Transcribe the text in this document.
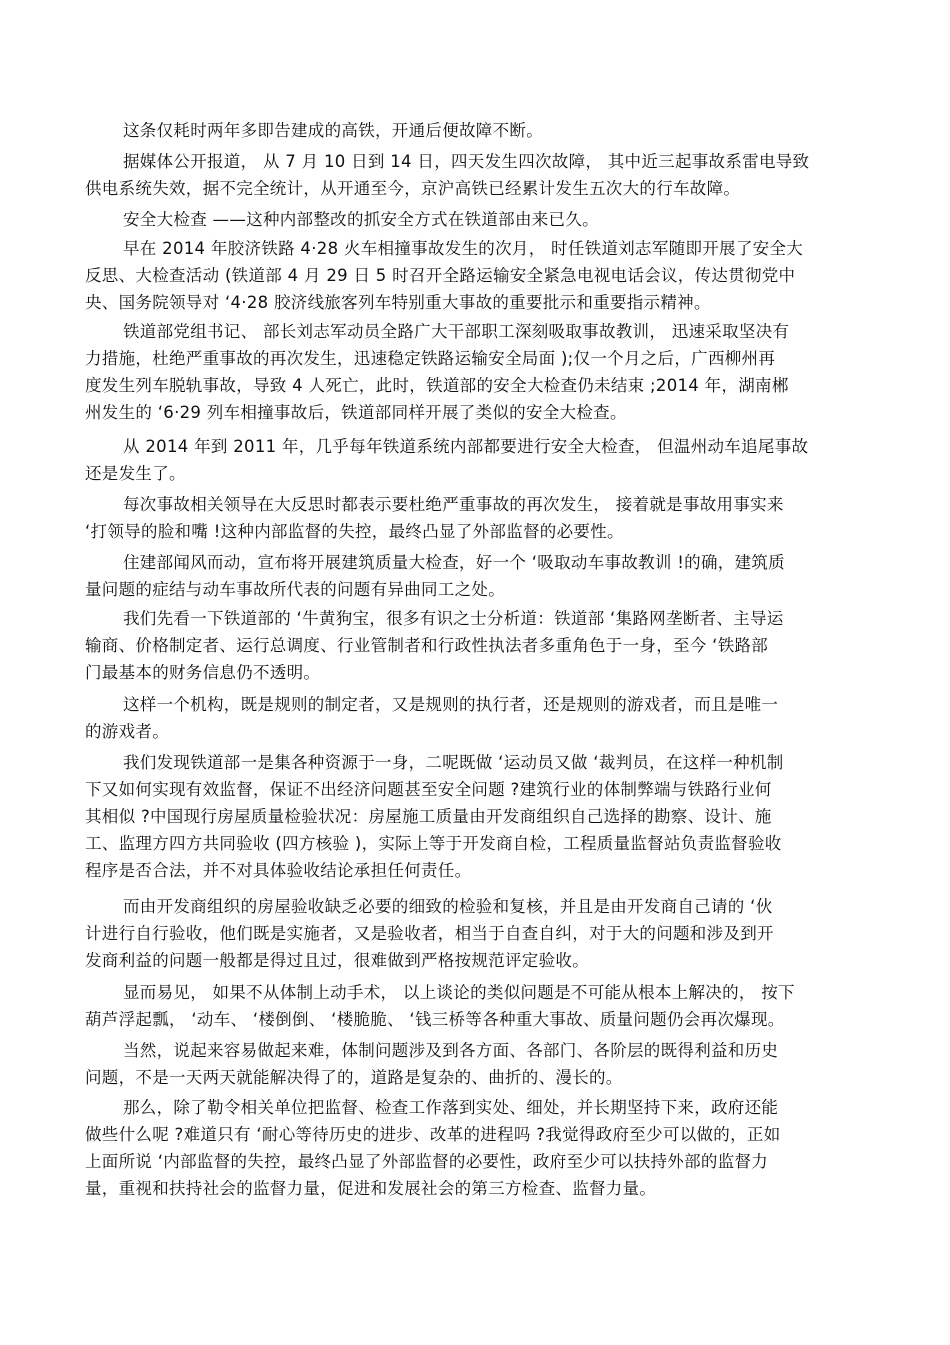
这条仅耗时两年多即告建成的高铁，开通后便故障不断。
据媒体公开报道， 从 7 月 10 日到 14 日，四天发生四次故障， 其中近三起事故系雷电导致
供电系统失效，据不完全统计，从开通至今，京沪高铁已经累计发生五次大的行车故障。
安全大检查 ——这种内部整改的抓安全方式在铁道部由来已久。
早在 2014 年胶济铁路 4·28 火车相撞事故发生的次月， 时任铁道刘志军随即开展了安全大
反思、大检查活动 (铁道部 4 月 29 日 5 时召开全路运输安全紧急电视电话会议，传达贯彻党中
央、国务院领导对 ‘4·28 胶济线旅客列车特别重大事故的重要批示和重要指示精神。
铁道部党组书记、 部长刘志军动员全路广大干部职工深刻吸取事故教训， 迅速采取坚决有
力措施，杜绝严重事故的再次发生，迅速稳定铁路运输安全局面 );仅一个月之后，广西柳州再
度发生列车脱轨事故，导致 4 人死亡，此时，铁道部的安全大检查仍未结束 ;2014 年，湖南郴
州发生的 ‘6·29 列车相撞事故后，铁道部同样开展了类似的安全大检查。
从 2014 年到 2011 年，几乎每年铁道系统内部都要进行安全大检查， 但温州动车追尾事故
还是发生了。
每次事故相关领导在大反思时都表示要杜绝严重事故的再次发生， 接着就是事故用事实来
‘打领导的脸和嘴 !这种内部监督的失控，最终凸显了外部监督的必要性。
住建部闻风而动，宣布将开展建筑质量大检查，好一个 ‘吸取动车事故教训 !的确，建筑质
量问题的症结与动车事故所代表的问题有异曲同工之处。
我们先看一下铁道部的 ‘牛黄狗宝，很多有识之士分析道：铁道部 ‘集路网垄断者、主导运
输商、价格制定者、运行总调度、行业管制者和行政性执法者多重角色于一身，至今 ‘铁路部
门最基本的财务信息仍不透明。
这样一个机构，既是规则的制定者，又是规则的执行者，还是规则的游戏者，而且是唯一
的游戏者。
我们发现铁道部一是集各种资源于一身，二呢既做 ‘运动员又做 ‘裁判员，在这样一种机制
下又如何实现有效监督，保证不出经济问题甚至安全问题 ?建筑行业的体制弊端与铁路行业何
其相似 ?中国现行房屋质量检验状况：房屋施工质量由开发商组织自己选择的勘察、设计、施
工、监理方四方共同验收 (四方核验 )，实际上等于开发商自检，工程质量监督站负责监督验收
程序是否合法，并不对具体验收结论承担任何责任。
而由开发商组织的房屋验收缺乏必要的细致的检验和复核，并且是由开发商自己请的 ‘伙
计进行自行验收，他们既是实施者，又是验收者，相当于自查自纠，对于大的问题和涉及到开
发商利益的问题一般都是得过且过，很难做到严格按规范评定验收。
显而易见， 如果不从体制上动手术， 以上谈论的类似问题是不可能从根本上解决的， 按下
葫芦浮起瓢， ‘动车、 ‘楼倒倒、 ‘楼脆脆、 ‘钱三桥等各种重大事故、质量问题仍会再次爆现。
当然，说起来容易做起来难，体制问题涉及到各方面、各部门、各阶层的既得利益和历史
问题，不是一天两天就能解决得了的，道路是复杂的、曲折的、漫长的。
那么，除了勒令相关单位把监督、检查工作落到实处、细处，并长期坚持下来，政府还能
做些什么呢 ?难道只有 ‘耐心等待历史的进步、改革的进程吗 ?我觉得政府至少可以做的，正如
上面所说 ‘内部监督的失控，最终凸显了外部监督的必要性，政府至少可以扶持外部的监督力
量，重视和扶持社会的监督力量，促进和发展社会的第三方检查、监督力量。
